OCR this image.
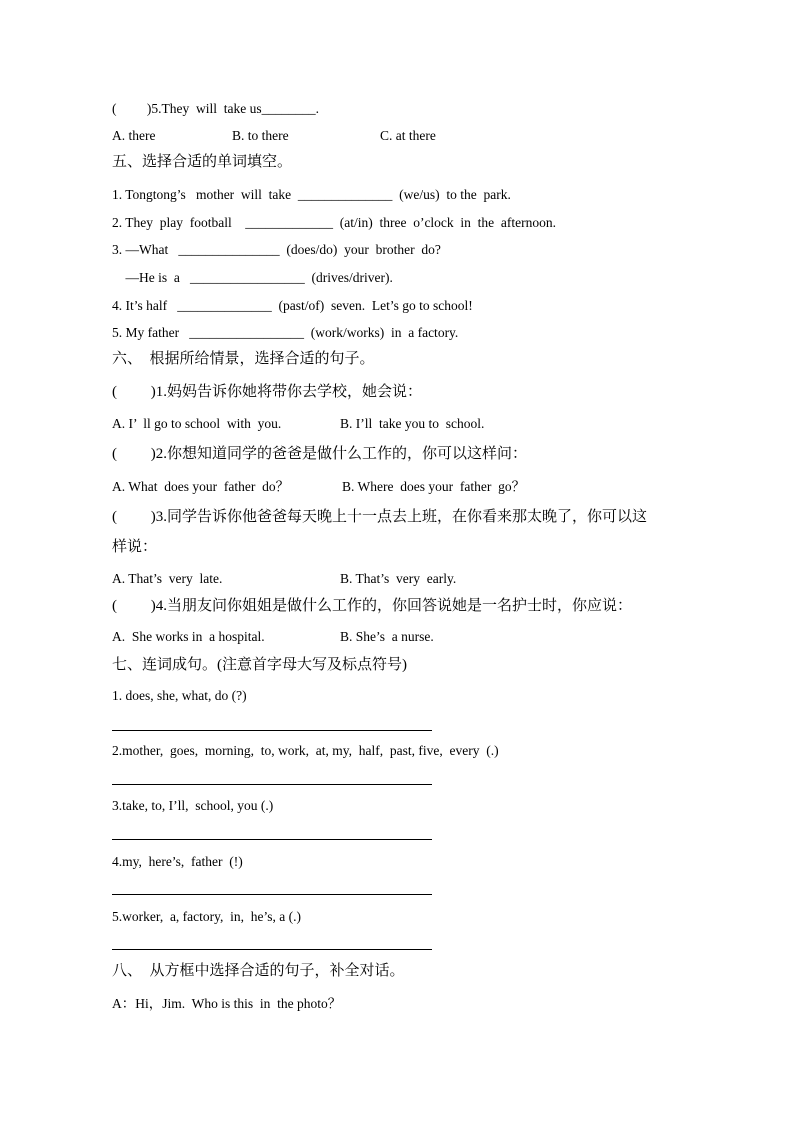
(         )5.They  will  take us________.
A. there	B. to there	C. at there
五、选择合适的单词填空。
1. Tongtong’s   mother  will  take  ______________  (we/us)  to the  park.
2. They  play  football    _____________  (at/in)  three  o’clock  in  the  afternoon.
3. —What   _______________  (does/do)  your  brother  do?
—He is  a   _________________  (drives/driver).
4. It’s half   ______________  (past/of)  seven.  Let’s go to school!
5. My father   _________________  (work/works)  in  a factory.
六、  根据所给情景，选择合适的句子。
(         )1.妈妈告诉你她将带你去学校，她会说：
A. I’  ll go to school  with  you.	B. I’ll  take you to  school.
(         )2.你想知道同学的爸爸是做什么工作的，你可以这样问：
A. What  does your  father  do？	B. Where  does your  father  go？
(         )3.同学告诉你他爸爸每天晚上十一点去上班，在你看来那太晚了，你可以这
样说：
A. That’s  very  late.	B. That’s  very  early.
(         )4.当朋友问你姐姐是做什么工作的，你回答说她是一名护士时，你应说：
A.  She works in  a hospital.	B. She’s  a nurse.
七、连词成句。(注意首字母大写及标点符号)
1. does, she, what, do (?)
2.mother,  goes,  morning,  to, work,  at, my,  half,  past, five,  every  (.)
3.take, to, I’ll,  school, you (.)
4.my,  here’s,  father  (!)
5.worker,  a, factory,  in,  he’s, a (.)
八、  从方框中选择合适的句子，补全对话。
A：Hi，Jim.  Who is this  in  the photo？
